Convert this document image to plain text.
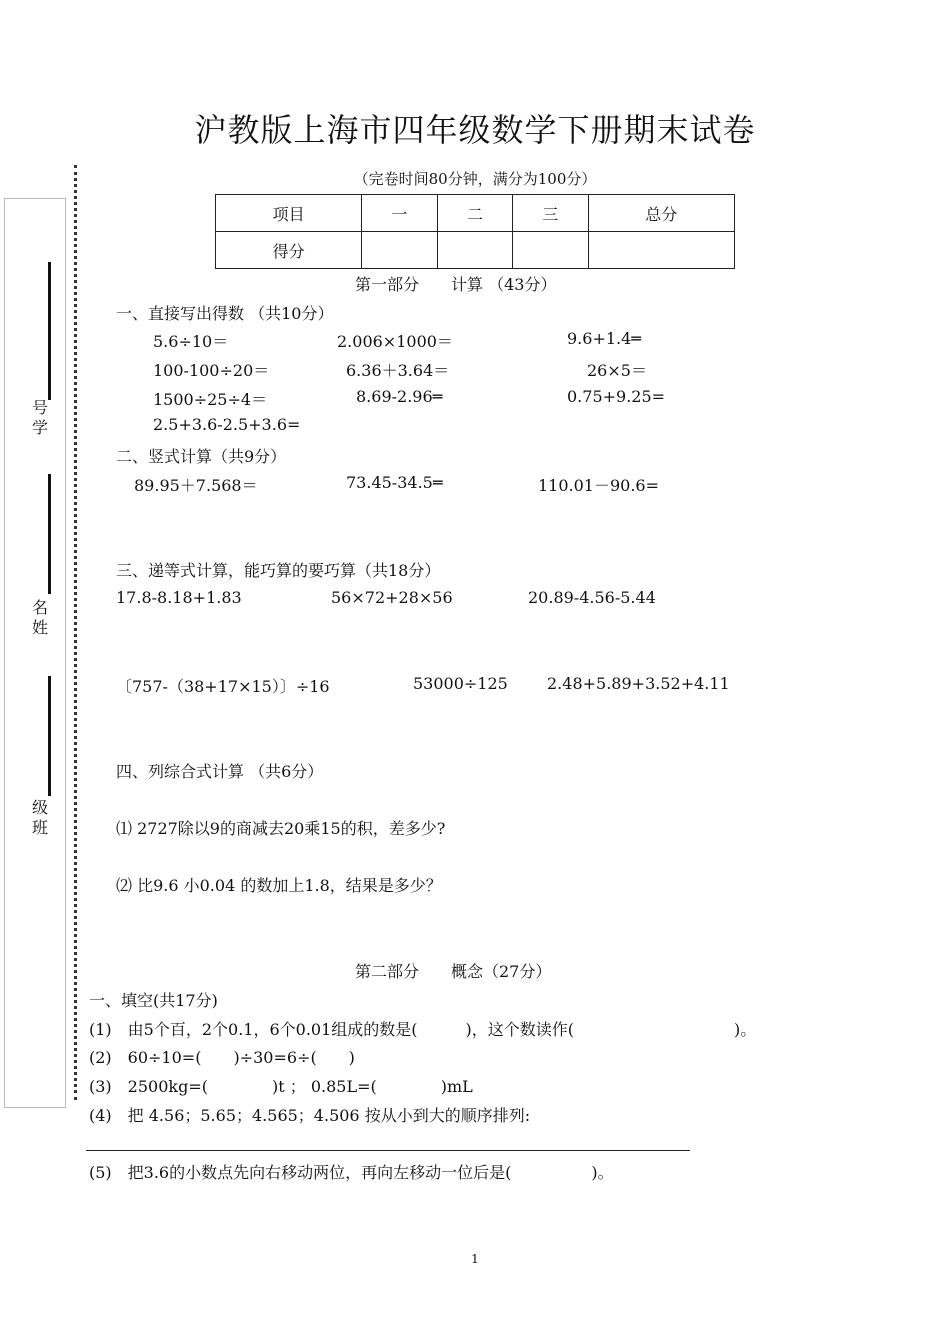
沪教版上海市四年级数学下册期末试卷
（完卷时间80分钟，满分为100分）
项目	一	二	三	总分
得分				
号学
名姓
级班
第一部分　　计算 （43分）
一、直接写出得数 （共10分）
5.6÷10＝	2.006×1000＝	9.6+1.4═
100-100÷20＝	6.36＋3.64＝	26×5＝
1500÷25÷4＝	8.69-2.96═	0.75+9.25=
2.5+3.6-2.5+3.6=
二、竖式计算（共9分）
89.95＋7.568＝	73.45-34.5═	110.01－90.6=
三、递等式计算，能巧算的要巧算（共18分）
17.8-8.18+1.83	56×72+28×56	20.89-4.56-5.44
〔757-（38+17×15）〕÷16	53000÷125 2.48+5.89+3.52+4.11
四、列综合式计算 （共6分）
⑴ 2727除以9的商减去20乘15的积，差多少?
⑵ 比9.6 小0.04 的数加上1.8，结果是多少？
第二部分　　概念（27分）
一、填空(共17分)
(1)　由5个百，2个0.1，6个0.01组成的数是(　　　)，这个数读作(　　　　　　　　　　)。
(2)　60÷10=(　　)÷30=6÷(　　)
(3)　2500kg=(　　　　)t ； 0.85L=(　　　　)mL
(4)　把 4.56；5.65；4.565；4.506 按从小到大的顺序排列:
(5)　把3.6的小数点先向右移动两位，再向左移动一位后是(　　　　　)。
1
